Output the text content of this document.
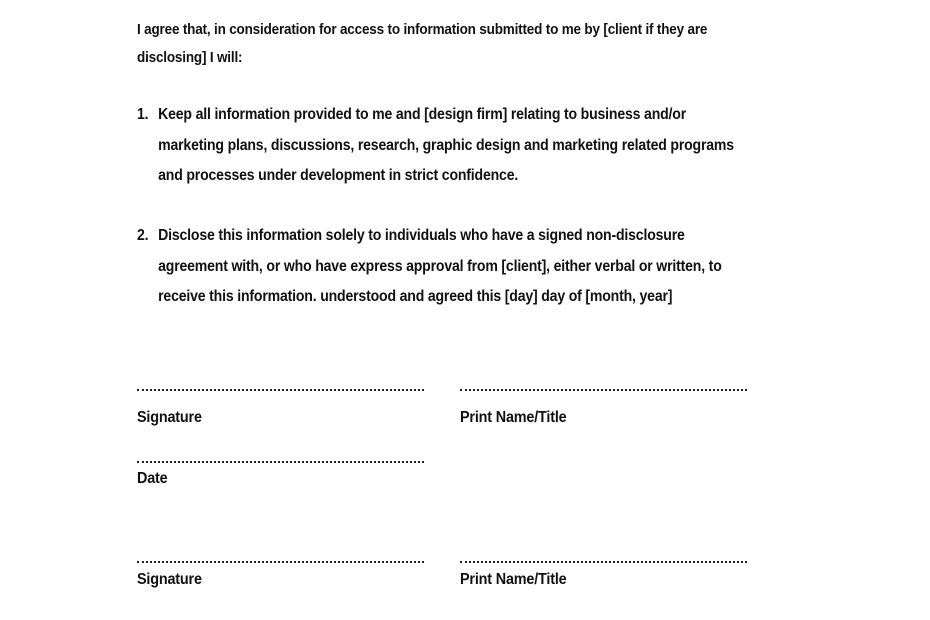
I agree that, in consideration for access to information submitted to me by [client if they are disclosing] I will:
1. Keep all information provided to me and [design firm] relating to business and/or marketing plans, discussions, research, graphic design and marketing related programs and processes under development in strict confidence.
2. Disclose this information solely to individuals who have a signed non-disclosure agreement with, or who have express approval from [client], either verbal or written, to receive this information. understood and agreed this [day] day of [month, year]
Signature	Print Name/Title
Date
Signature	Print Name/Title
